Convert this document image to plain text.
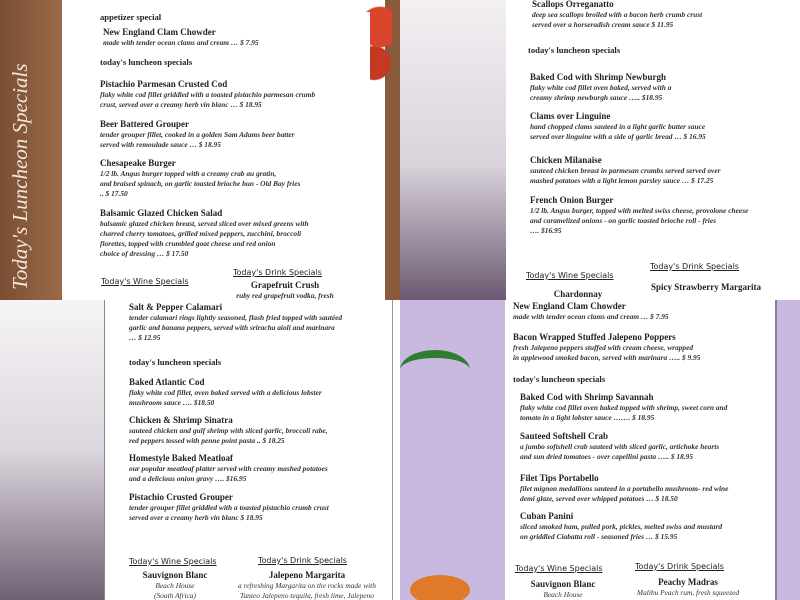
Today's Luncheon Specials
appetizer special
New England Clam Chowder
made with tender ocean clams and cream … $ 7.95
today's luncheon specials
Pistachio Parmesan Crusted Cod
flaky white cod fillet griddled with a toasted pistachio parmesan crumb
crust, served over a creamy herb vin blanc … $ 18.95
Beer Battered Grouper
tender grouper fillet, cooked in a golden Sam Adams beer batter
served with remoulade sauce … $ 18.95
Chesapeake Burger
1/2 lb. Angus burger topped with a creamy crab au gratin,
and braised spinach, on garlic toasted brioche bun - Old Bay fries
.. $ 17.50
Balsamic Glazed Chicken Salad
balsamic glazed chicken breast, served sliced over mixed greens with
charred cherry tomatoes, grilled mixed peppers, zucchini, broccoli
florettes, topped with crumbled goat cheese and red onion
choice of dressing … $ 17.50
Today's Wine Specials
Today's Drink Specials
Grapefruit Crush
ruby red grapefruit vodka, fresh
Scallops Orreganatto
deep sea scallops broiled with a bacon herb crumb crust
served over a horseradish cream sauce $ 11.95
today's luncheon specials
Baked Cod with Shrimp Newburgh
flaky white cod fillet oven baked, served with a
creamy shrimp newburgh sauce ….. $18.95
Clams over Linguine
hand chopped clams sauteed in a light garlic butter sauce
served over linguine with a side of garlic bread … $ 16.95
Chicken Milanaise
sauteed chicken breast in parmesan crumbs served served over
mashed potatoes with a light lemon parsley sauce … $ 17.25
French Onion Burger
1/2 lb. Angus burger, topped with melted swiss cheese, provolone cheese
and caramelized onions - on garlic toasted brioche roll - fries
…. $16.95
Today's Wine Specials
Today's Drink Specials
Chardonnay
Spicy Strawberry Margarita
Salt & Pepper Calamari
tender calamari rings lightly seasoned, flash fried topped with sautéed
garlic and banana peppers, served with sriracha aioli and marinara
… $ 12.95
today's luncheon specials
Baked Atlantic Cod
flaky white cod fillet, oven baked served with a delicious lobster
mushroom sauce …. $18.50
Chicken & Shrimp Sinatra
sauteed chicken and gulf shrimp with sliced garlic, broccoli rabe,
red peppers tossed with penne point pasta .. $ 18.25
Homestyle Baked Meatloaf
our popular meatloaf platter served with creamy mashed potatoes
and a delicious onion gravy …. $16.95
Pistachio Crusted Grouper
tender grouper fillet griddled with a toasted pistachio crumb crust
served over a creamy herb vin blanc $ 18.95
Today's Wine Specials	Today's Drink Specials
Sauvignon Blanc
Beach House
(South Africa)
Jalepeno Margarita
a refreshing Margarita on the rocks made with
Tanteo Jalepeno tequila, fresh lime, Jalepeno
New England Clam Chowder
made with tender ocean clams and cream … $ 7.95
Bacon Wrapped Stuffed Jalepeno Poppers
fresh Jalepeno peppers stuffed with cream cheese, wrapped
in applewood smoked bacon, served with marinara ….. $ 9.95
today's luncheon specials
Baked Cod with Shrimp Savannah
flaky white cod fillet oven baked topped with shrimp, sweet corn and
tomato in a light lobster sauce ……. $ 18.95
Sauteed Softshell Crab
a jumbo softshell crab sauteed with sliced garlic, artichoke hearts
and sun dried tomatoes - over capellini pasta ….. $ 18.95
Filet Tips Portabello
filet mignon medallions sauteed in a portabello mushroom- red wine
demi glaze, served over whipped potatoes … $ 18.50
Cuban Panini
sliced smoked ham, pulled pork, pickles, melted swiss and mustard
on griddled Ciabatta roll - seasoned fries … $ 15.95
Today's Wine Specials	Today's Drink Specials
Sauvignon Blanc
Beach House
Peachy Madras
Malibu Peach rum, fresh squeezed
